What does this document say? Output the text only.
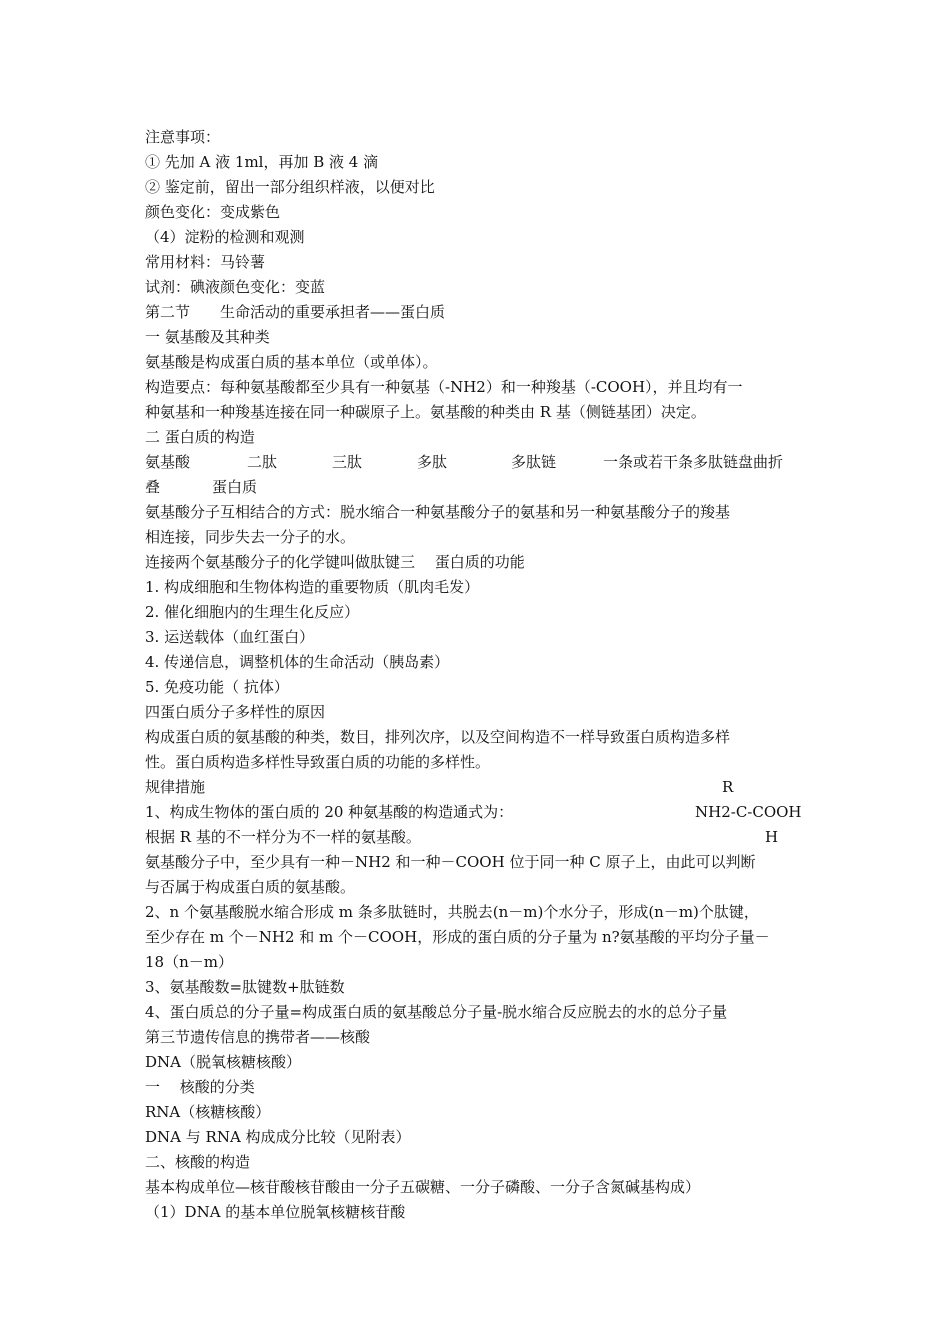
注意事项：
① 先加 A 液 1ml，再加 B 液 4 滴
② 鉴定前，留出一部分组织样液，以便对比
颜色变化：变成紫色
（4）淀粉的检测和观测
常用材料：马铃薯
试剂：碘液颜色变化：变蓝
第二节　　生命活动的重要承担者——蛋白质
一 氨基酸及其种类
氨基酸是构成蛋白质的基本单位（或单体）。
构造要点：每种氨基酸都至少具有一种氨基（-NH2）和一种羧基（-COOH），并且均有一
种氨基和一种羧基连接在同一种碳原子上。氨基酸的种类由 R 基（侧链基团）决定。
二 蛋白质的构造
氨基酸	二肽	三肽	多肽	多肽链	一条或若干条多肽链盘曲折
叠	蛋白质
氨基酸分子互相结合的方式：脱水缩合一种氨基酸分子的氨基和另一种氨基酸分子的羧基
相连接，同步失去一分子的水。
连接两个氨基酸分子的化学键叫做肽键三　 蛋白质的功能
1. 构成细胞和生物体构造的重要物质（肌肉毛发）
2. 催化细胞内的生理生化反应）
3. 运送载体（血红蛋白）
4. 传递信息，调整机体的生命活动（胰岛素）
5. 免疫功能（ 抗体）
四蛋白质分子多样性的原因
构成蛋白质的氨基酸的种类，数目，排列次序，以及空间构造不一样导致蛋白质构造多样
性。蛋白质构造多样性导致蛋白质的功能的多样性。
规律措施	R
1、构成生物体的蛋白质的 20 种氨基酸的构造通式为：	NH2-C-COOH
根据 R 基的不一样分为不一样的氨基酸。	H
氨基酸分子中，至少具有一种－NH2 和一种－COOH 位于同一种 C 原子上，由此可以判断
与否属于构成蛋白质的氨基酸。
2、n 个氨基酸脱水缩合形成 m 条多肽链时，共脱去(n－m)个水分子，形成(n－m)个肽键，
至少存在 m 个－NH2 和 m 个－COOH，形成的蛋白质的分子量为 n?氨基酸的平均分子量－
18（n－m）
3、氨基酸数=肽键数+肽链数
4、蛋白质总的分子量=构成蛋白质的氨基酸总分子量-脱水缩合反应脱去的水的总分子量
第三节遗传信息的携带者——核酸
DNA（脱氧核糖核酸）
一　 核酸的分类
RNA（核糖核酸）
DNA 与 RNA 构成成分比较（见附表）
二、核酸的构造
基本构成单位—核苷酸核苷酸由一分子五碳糖、一分子磷酸、一分子含氮碱基构成）
（1）DNA 的基本单位脱氧核糖核苷酸
